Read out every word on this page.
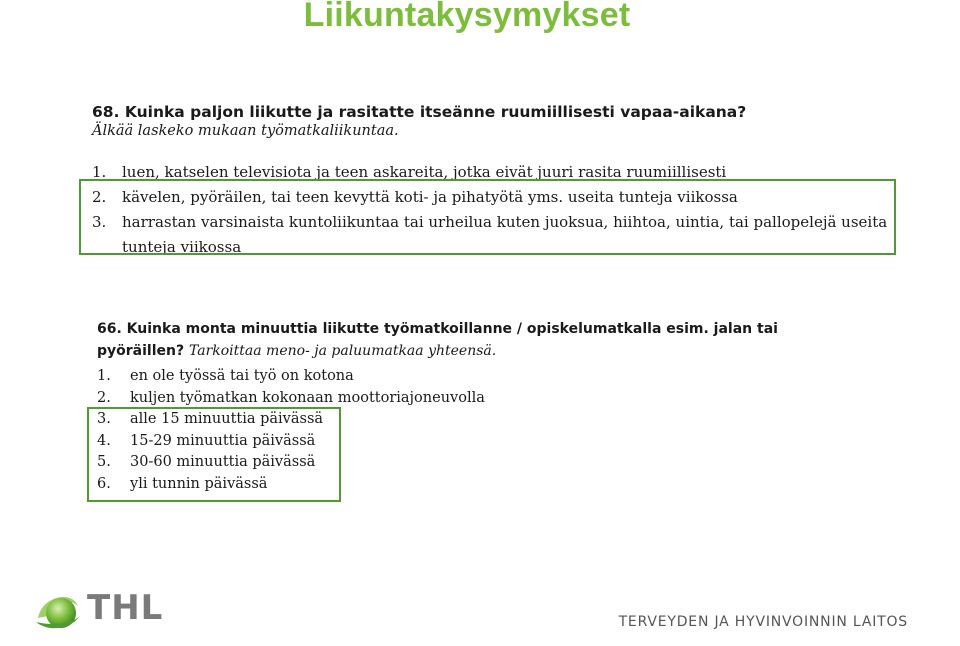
Liikuntakysymykset
68. Kuinka paljon liikutte ja rasitatte itseänne ruumiillisesti vapaa-aikana?
Älkää laskeko mukaan työmatkaliikuntaa.
1.	luen, katselen televisiota ja teen askareita, jotka eivät juuri rasita ruumiillisesti
2.	kävelen, pyöräilen, tai teen kevyttä koti- ja pihatyötä yms. useita tunteja viikossa
3.	harrastan varsinaista kuntoliikuntaa tai urheilua kuten juoksua, hiihtoa, uintia, tai pallopelejä useita tunteja viikossa
66. Kuinka monta minuuttia liikutte työmatkoillanne / opiskelumatkalla esim. jalan tai pyöräillen? Tarkoittaa meno- ja paluumatkaa yhteensä.
1.	en ole työssä tai työ on kotona
2.	kuljen työmatkan kokonaan moottoriajoneuvolla
3.	alle 15 minuuttia päivässä
4.	15-29 minuuttia päivässä
5.	30-60 minuuttia päivässä
6.	yli tunnin päivässä
THL	TERVEYDEN JA HYVINVOINNIN LAITOS
